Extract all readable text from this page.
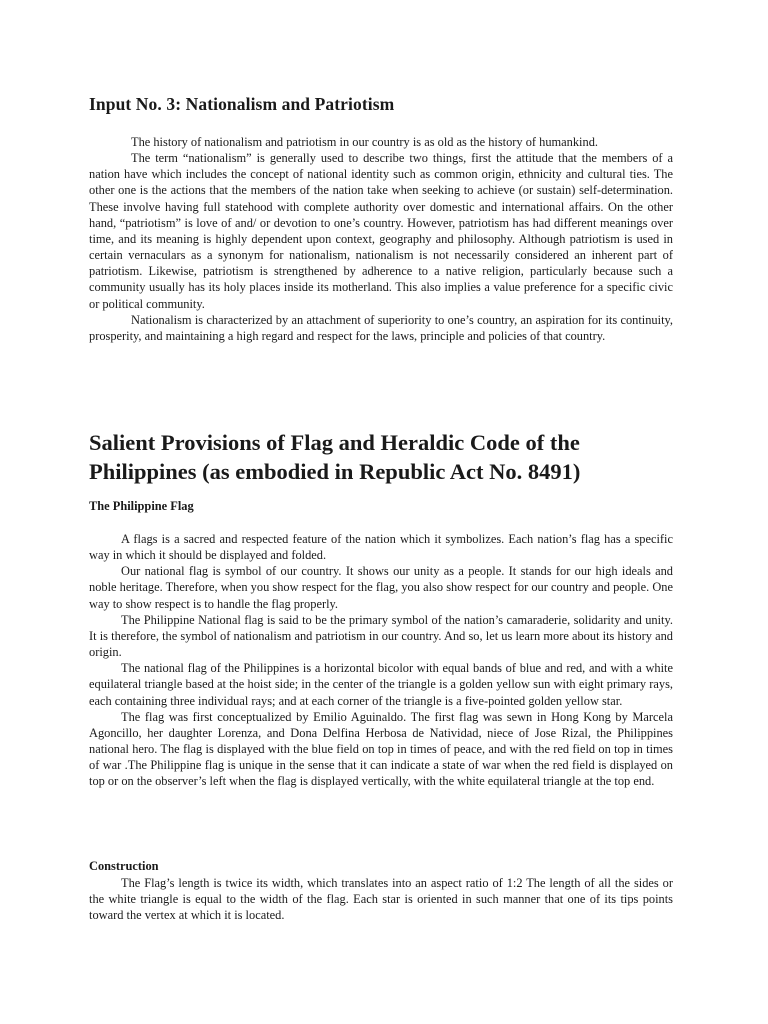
Input No. 3: Nationalism and Patriotism

The history of nationalism and patriotism in our country is as old as the history of humankind.

The term “nationalism” is generally used to describe two things, first the attitude that the members of a nation have which includes the concept of national identity such as common origin, ethnicity and cultural ties. The other one is the actions that the members of the nation take when seeking to achieve (or sustain) self-determination. These involve having full statehood with complete authority over domestic and international affairs. On the other hand, “patriotism” is love of and/ or devotion to one’s country. However, patriotism has had different meanings over time, and its meaning is highly dependent upon context, geography and philosophy. Although patriotism is used in certain vernaculars as a synonym for nationalism, nationalism is not necessarily considered an inherent part of patriotism. Likewise, patriotism is strengthened by adherence to a native religion, particularly because such a community usually has its holy places inside its motherland. This also implies a value preference for a specific civic or political community.

Nationalism is characterized by an attachment of superiority to one’s country, an aspiration for its continuity, prosperity, and maintaining a high regard and respect for the laws, principle and policies of that country.

Salient Provisions of Flag and Heraldic Code of the Philippines (as embodied in Republic Act No. 8491)
The Philippine Flag

A flags is a sacred and respected feature of the nation which it symbolizes. Each nation’s flag has a specific way in which it should be displayed and folded.

Our national flag is symbol of our country. It shows our unity as a people. It stands for our high ideals and noble heritage. Therefore, when you show respect for the flag, you also show respect for our country and people. One way to show respect is to handle the flag properly.

The Philippine National flag is said to be the primary symbol of the nation’s camaraderie, solidarity and unity. It is therefore, the symbol of nationalism and patriotism in our country. And so, let us learn more about its history and origin.

The national flag of the Philippines is a horizontal bicolor with equal bands of blue and red, and with a white equilateral triangle based at the hoist side; in the center of the triangle is a golden yellow sun with eight primary rays, each containing three individual rays; and at each corner of the triangle is a five-pointed golden yellow star.

The flag was first conceptualized by Emilio Aguinaldo. The first flag was sewn in Hong Kong by Marcela Agoncillo, her daughter Lorenza, and Dona Delfina Herbosa de Natividad, niece of Jose Rizal, the Philippines national hero. The flag is displayed with the blue field on top in times of peace, and with the red field on top in times of war .The Philippine flag is unique in the sense that it can indicate a state of war when the red field is displayed on top or on the observer’s left when the flag is displayed vertically, with the white equilateral triangle at the top end.

Construction

The Flag’s length is twice its width, which translates into an aspect ratio of 1:2 The length of all the sides or the white triangle is equal to the width of the flag. Each star is oriented in such manner that one of its tips points toward the vertex at which it is located.
